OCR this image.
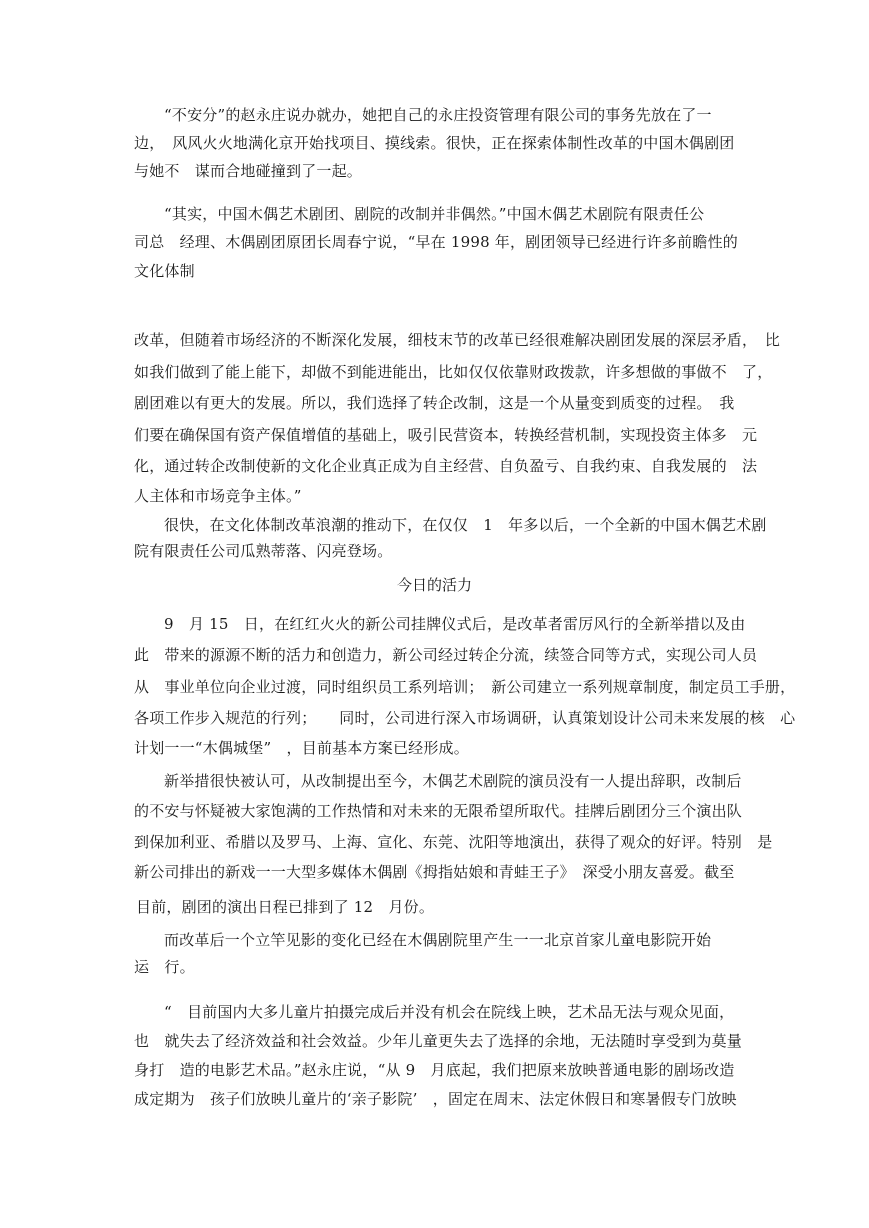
“不安分”的赵永庄说办就办，她把自己的永庄投资管理有限公司的事务先放在了一
边，　风风火火地满化京开始找项目、摸线索。很快，正在探索体制性改革的中国木偶剧团
与她不　谋而合地碰撞到了一起。
“其实，中国木偶艺术剧团、剧院的改制并非偶然。”中国木偶艺术剧院有限责任公
司总　经理、木偶剧团原团长周春宁说，“早在 1998 年，剧团领导已经进行许多前瞻性的
文化体制
改革，但随着市场经济的不断深化发展，细枝末节的改革已经很难解决剧团发展的深层矛盾，　比
如我们做到了能上能下，却做不到能进能出，比如仅仅依靠财政拨款，许多想做的事做不　了，
剧团难以有更大的发展。所以，我们选择了转企改制，这是一个从量变到质变的过程。　我
们要在确保国有资产保值增值的基础上，吸引民营资本，转换经营机制，实现投资主体多　元
化，通过转企改制使新的文化企业真正成为自主经营、自负盈亏、自我约束、自我发展的　法
人主体和市场竞争主体。”
很快，在文化体制改革浪潮的推动下，在仅仅　1　年多以后，一个全新的中国木偶艺术剧
院有限责任公司瓜熟蒂落、闪亮登场。
今日的活力
9　月 15　日，在红红火火的新公司挂牌仪式后，是改革者雷厉风行的全新举措以及由
此　带来的源源不断的活力和创造力，新公司经过转企分流，续签合同等方式，实现公司人员
从　事业单位向企业过渡，同时组织员工系列培训；　新公司建立一系列规章制度，制定员工手册，
各项工作步入规范的行列；　　同时，公司进行深入市场调研，认真策划设计公司未来发展的核　心
计划一一“木偶城堡”　，目前基本方案已经形成。
新举措很快被认可，从改制提出至今，木偶艺术剧院的演员没有一人提出辞职，改制后
的不安与怀疑被大家饱满的工作热情和对未来的无限希望所取代。挂牌后剧团分三个演出队
到保加利亚、希腊以及罗马、上海、宣化、东莞、沈阳等地演出，获得了观众的好评。特别　是
新公司排出的新戏一一大型多媒体木偶剧《拇指姑娘和青蛙王子》　深受小朋友喜爱。截至
目前，剧团的演出日程已排到了 12　月份。
而改革后一个立竿见影的变化已经在木偶剧院里产生一一北京首家儿童电影院开始
运　行。
“　目前国内大多儿童片拍摄完成后并没有机会在院线上映，艺术品无法与观众见面，
也　就失去了经济效益和社会效益。少年儿童更失去了选择的余地，无法随时享受到为莫量
身打　造的电影艺术品。”赵永庄说，“从 9　月底起，我们把原来放映普通电影的剧场改造
成定期为　孩子们放映儿童片的‘亲子影院’　，固定在周末、法定休假日和寒暑假专门放映
